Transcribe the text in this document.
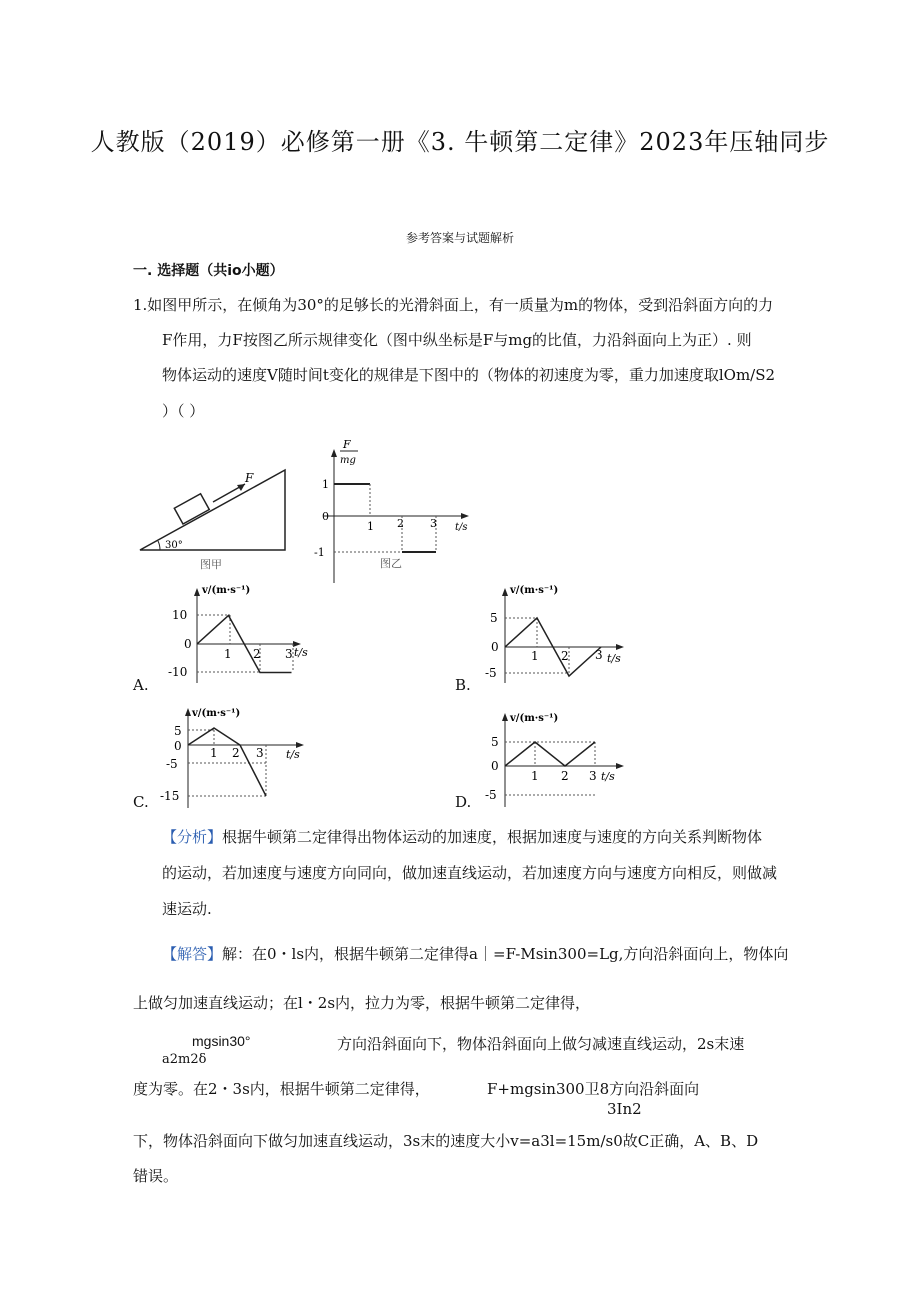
人教版（2019）必修第一册《3. 牛顿第二定律》2023年压轴同步
参考答案与试题解析
一. 选择题（共io小题）
1.如图甲所示，在倾角为30°的足够长的光滑斜面上，有一质量为m的物体，受到沿斜面方向的力
F作用，力F按图乙所示规律变化（图中纵坐标是F与mg的比值，力沿斜面向上为正）. 则
物体运动的速度V随时间t变化的规律是下图中的（物体的初速度为零，重力加速度取lOm/S2
）（ ）
F
30°
图甲
F
mg
1
0
-1
1 2 3 t/s
图乙
A.
v/(m·s⁻¹)
10
0
-10
1 2 3 t/s
B.
v/(m·s⁻¹)
5
0
-5
1 2 3 t/s
C.
v/(m·s⁻¹)
5
0
-5
-15
1 2 3 t/s
D.
v/(m·s⁻¹)
5
0
-5
1 2 3 t/s
【分析】根据牛顿第二定律得出物体运动的加速度，根据加速度与速度的方向关系判断物体
的运动，若加速度与速度方向同向，做加速直线运动，若加速度方向与速度方向相反，则做减
速运动.
【解答】解：在0・ls内，根据牛顿第二定律得a｜=F-Msin300=Lg,方向沿斜面向上，物体向
上做匀加速直线运动；在l・2s内，拉力为零，根据牛顿第二定律得，
mgsin30°
a2m2δ
方向沿斜面向下，物体沿斜面向上做匀减速直线运动，2s末速
度为零。在2・3s内，根据牛顿第二定律得，	F+mgsin300卫8方向沿斜面向
3In2
下，物体沿斜面向下做匀加速直线运动，3s末的速度大小v=a3l=15m∕s0故C正确，A、B、D
错误。
